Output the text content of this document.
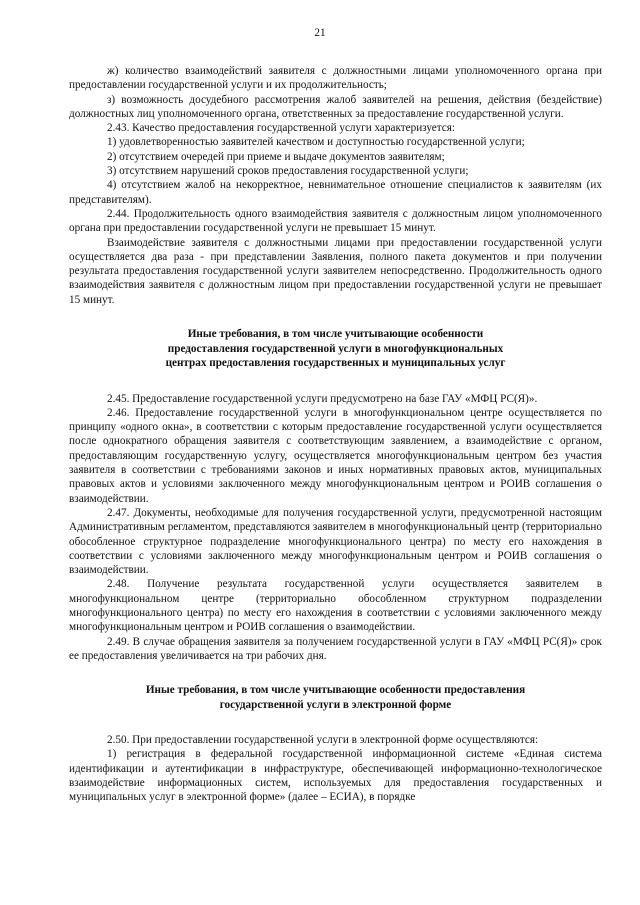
21

ж) количество взаимодействий заявителя с должностными лицами уполномоченного органа при предоставлении государственной услуги и их продолжительность;

з) возможность досудебного рассмотрения жалоб заявителей на решения, действия (бездействие) должностных лиц уполномоченного органа, ответственных за предоставление государственной услуги.

2.43. Качество предоставления государственной услуги характеризуется:

1) удовлетворенностью заявителей качеством и доступностью государственной услуги;

2) отсутствием очередей при приеме и выдаче документов заявителям;

3) отсутствием нарушений сроков предоставления государственной услуги;

4) отсутствием жалоб на некорректное, невнимательное отношение специалистов к заявителям (их представителям).

2.44. Продолжительность одного взаимодействия заявителя с должностным лицом уполномоченного органа при предоставлении государственной услуги не превышает 15 минут.

Взаимодействие заявителя с должностными лицами при предоставлении государственной услуги осуществляется два раза - при представлении Заявления, полного пакета документов и при получении результата предоставления государственной услуги заявителем непосредственно. Продолжительность одного взаимодействия заявителя с должностным лицом при предоставлении государственной услуги не превышает 15 минут.

Иные требования, в том числе учитывающие особенности

предоставления государственной услуги в многофункциональных

центрах предоставления государственных и муниципальных услуг

2.45. Предоставление государственной услуги предусмотрено на базе ГАУ «МФЦ РС(Я)».

2.46. Предоставление государственной услуги в многофункциональном центре осуществляется по принципу «одного окна», в соответствии с которым предоставление государственной услуги осуществляется после однократного обращения заявителя с соответствующим заявлением, а взаимодействие с органом, предоставляющим государственную услугу, осуществляется многофункциональным центром без участия заявителя в соответствии с требованиями законов и иных нормативных правовых актов, муниципальных правовых актов и условиями заключенного между многофункциональным центром и РОИВ соглашения о взаимодействии.

2.47. Документы, необходимые для получения государственной услуги, предусмотренной настоящим Административным регламентом, представляются заявителем в многофункциональный центр (территориально обособленное структурное подразделение многофункционального центра) по месту его нахождения в соответствии с условиями заключенного между многофункциональным центром и РОИВ соглашения о взаимодействии.

2.48. Получение результата государственной услуги осуществляется заявителем в многофункциональном центре (территориально обособленном структурном подразделении многофункционального центра) по месту его нахождения в соответствии с условиями заключенного между многофункциональным центром и РОИВ соглашения о взаимодействии.

2.49. В случае обращения заявителя за получением государственной услуги в ГАУ «МФЦ РС(Я)» срок ее предоставления увеличивается на три рабочих дня.

Иные требования, в том числе учитывающие особенности предоставления

государственной услуги в электронной форме

2.50. При предоставлении государственной услуги в электронной форме осуществляются:

1) регистрация в федеральной государственной информационной системе «Единая система идентификации и аутентификации в инфраструктуре, обеспечивающей информационно-технологическое взаимодействие информационных систем, используемых для предоставления государственных и муниципальных услуг в электронной форме» (далее – ЕСИА), в порядке
